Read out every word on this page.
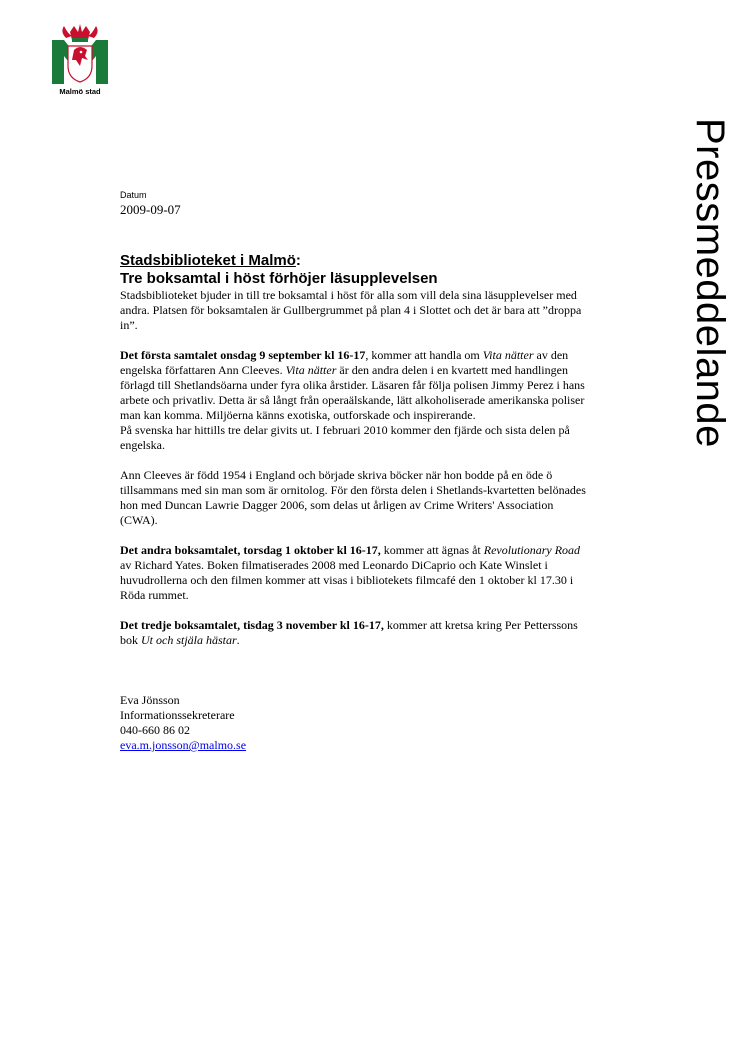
Malmö stad
Pressmeddelande

Datum

2009-09-07

Stadsbiblioteket i Malmö:
Tre boksamtal i höst förhöjer läsupplevelsen

Stadsbiblioteket bjuder in till tre boksamtal i höst för alla som vill dela sina läsupplevelser med andra. Platsen för boksamtalen är Gullbergrummet på plan 4 i Slottet och det är bara att ”droppa in”.

Det första samtalet onsdag 9 september kl 16-17, kommer att handla om Vita nätter av den engelska författaren Ann Cleeves. Vita nätter är den andra delen i en kvartett med handlingen förlagd till Shetlandsöarna under fyra olika årstider. Läsaren får följa polisen Jimmy Perez i hans arbete och privatliv. Detta är så långt från operaälskande, lätt alkoholiserade amerikanska poliser man kan komma. Miljöerna känns exotiska, outforskade och inspirerande.

På svenska har hittills tre delar givits ut. I februari 2010 kommer den fjärde och sista delen på engelska.

Ann Cleeves är född 1954 i England och började skriva böcker när hon bodde på en öde ö tillsammans med sin man som är ornitolog. För den första delen i Shetlands-kvartetten belönades hon med Duncan Lawrie Dagger 2006, som delas ut årligen av Crime Writers' Association (CWA).

Det andra boksamtalet, torsdag 1 oktober kl 16-17, kommer att ägnas åt Revolutionary Road av Richard Yates. Boken filmatiserades 2008 med Leonardo DiCaprio och Kate Winslet i huvudrollerna och den filmen kommer att visas i bibliotekets filmcafé den 1 oktober kl 17.30 i Röda rummet.

Det tredje boksamtalet, tisdag 3 november kl 16-17, kommer att kretsa kring Per Petterssons bok Ut och stjäla hästar.

Eva Jönsson
Informationssekreterare
040-660 86 02
eva.m.jonsson@malmo.se
